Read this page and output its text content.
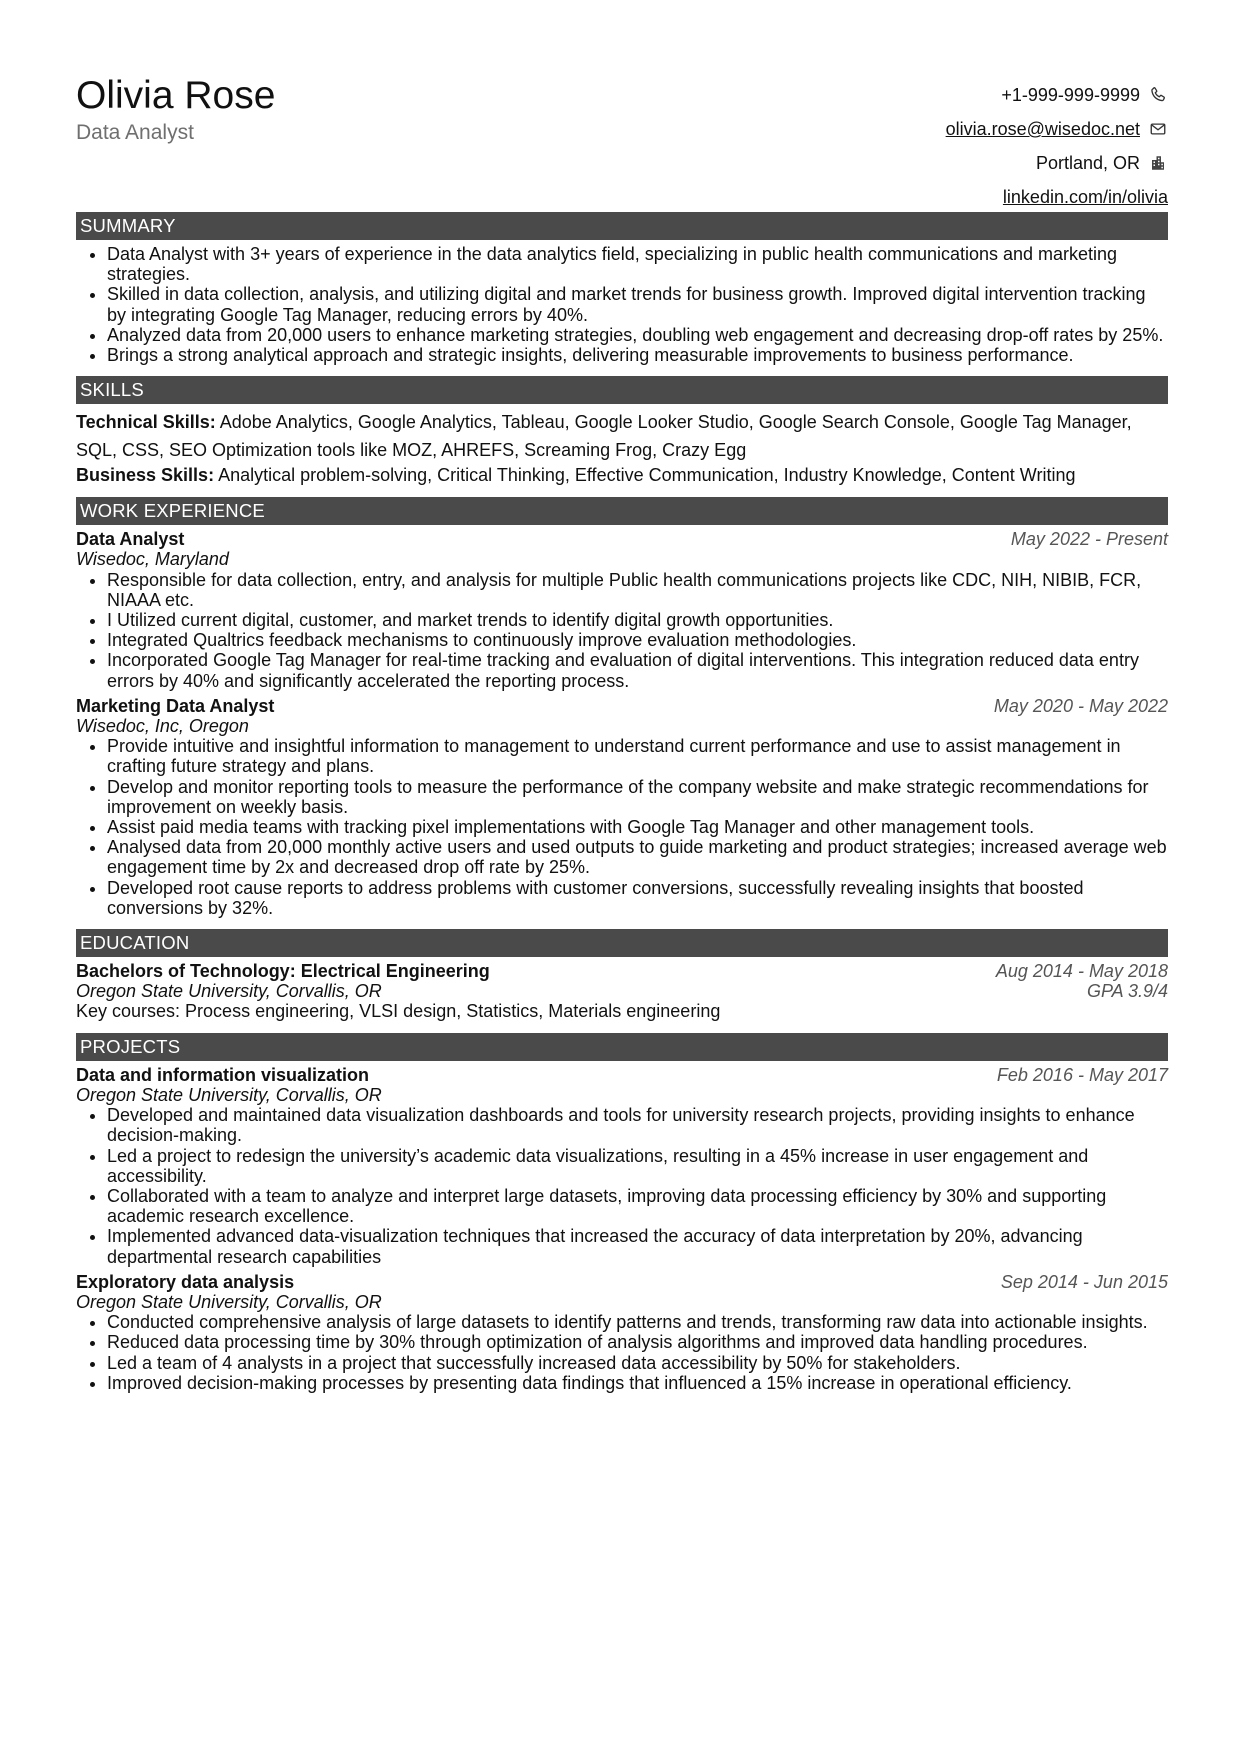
Olivia Rose
Data Analyst
+1-999-999-9999
olivia.rose@wisedoc.net
Portland, OR
linkedin.com/in/olivia
SUMMARY
• Data Analyst with 3+ years of experience in the data analytics field, specializing in public health communications and marketing strategies.
• Skilled in data collection, analysis, and utilizing digital and market trends for business growth. Improved digital intervention tracking by integrating Google Tag Manager, reducing errors by 40%.
• Analyzed data from 20,000 users to enhance marketing strategies, doubling web engagement and decreasing drop-off rates by 25%.
• Brings a strong analytical approach and strategic insights, delivering measurable improvements to business performance.
SKILLS
Technical Skills: Adobe Analytics, Google Analytics, Tableau, Google Looker Studio, Google Search Console, Google Tag Manager, SQL, CSS, SEO Optimization tools like MOZ, AHREFS, Screaming Frog, Crazy Egg
Business Skills: Analytical problem-solving, Critical Thinking, Effective Communication, Industry Knowledge, Content Writing
WORK EXPERIENCE
Data Analyst	May 2022 - Present
Wisedoc, Maryland
• Responsible for data collection, entry, and analysis for multiple Public health communications projects like CDC, NIH, NIBIB, FCR, NIAAA etc.
• I Utilized current digital, customer, and market trends to identify digital growth opportunities.
• Integrated Qualtrics feedback mechanisms to continuously improve evaluation methodologies.
• Incorporated Google Tag Manager for real-time tracking and evaluation of digital interventions. This integration reduced data entry errors by 40% and significantly accelerated the reporting process.
Marketing Data Analyst	May 2020 - May 2022
Wisedoc, Inc, Oregon
• Provide intuitive and insightful information to management to understand current performance and use to assist management in crafting future strategy and plans.
• Develop and monitor reporting tools to measure the performance of the company website and make strategic recommendations for improvement on weekly basis.
• Assist paid media teams with tracking pixel implementations with Google Tag Manager and other management tools.
• Analysed data from 20,000 monthly active users and used outputs to guide marketing and product strategies; increased average web engagement time by 2x and decreased drop off rate by 25%.
• Developed root cause reports to address problems with customer conversions, successfully revealing insights that boosted conversions by 32%.
EDUCATION
Bachelors of Technology: Electrical Engineering	Aug 2014 - May 2018
Oregon State University, Corvallis, OR	GPA 3.9/4
Key courses: Process engineering, VLSI design, Statistics, Materials engineering
PROJECTS
Data and information visualization	Feb 2016 - May 2017
Oregon State University, Corvallis, OR
• Developed and maintained data visualization dashboards and tools for university research projects, providing insights to enhance decision-making.
• Led a project to redesign the university’s academic data visualizations, resulting in a 45% increase in user engagement and accessibility.
• Collaborated with a team to analyze and interpret large datasets, improving data processing efficiency by 30% and supporting academic research excellence.
• Implemented advanced data-visualization techniques that increased the accuracy of data interpretation by 20%, advancing departmental research capabilities
Exploratory data analysis	Sep 2014 - Jun 2015
Oregon State University, Corvallis, OR
• Conducted comprehensive analysis of large datasets to identify patterns and trends, transforming raw data into actionable insights.
• Reduced data processing time by 30% through optimization of analysis algorithms and improved data handling procedures.
• Led a team of 4 analysts in a project that successfully increased data accessibility by 50% for stakeholders.
• Improved decision-making processes by presenting data findings that influenced a 15% increase in operational efficiency.
